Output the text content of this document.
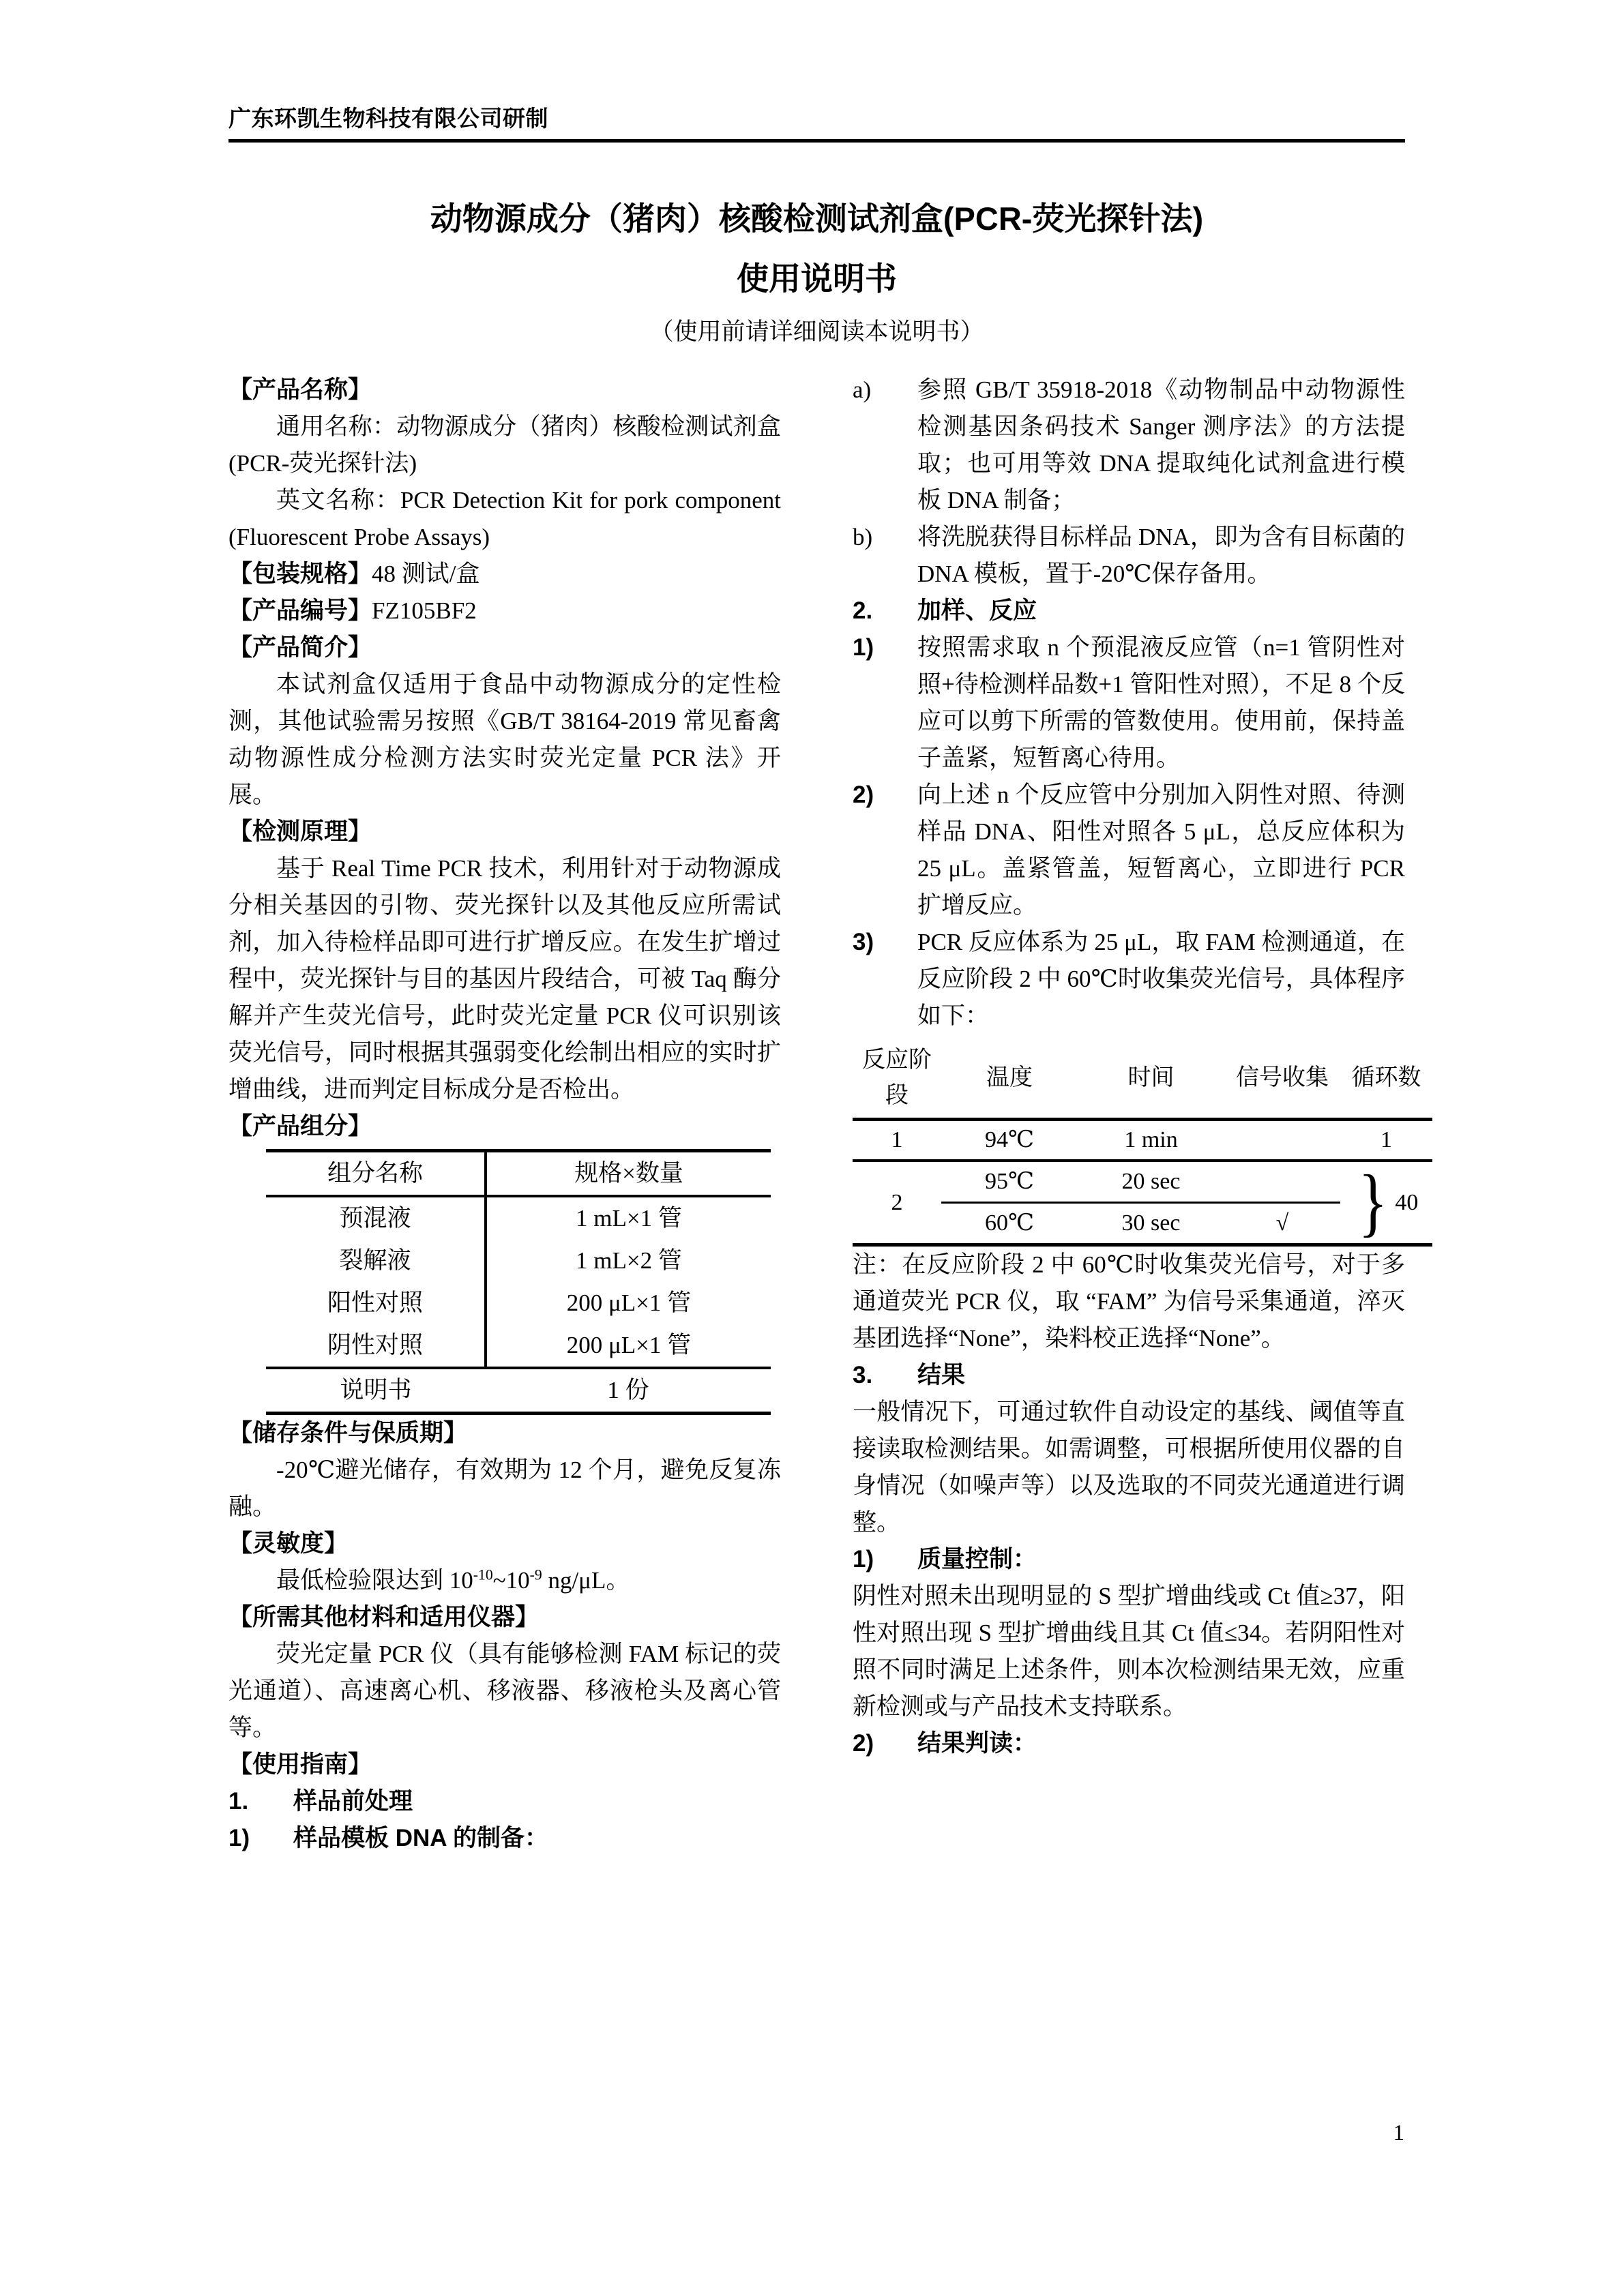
广东环凯生物科技有限公司研制
动物源成分（猪肉）核酸检测试剂盒(PCR-荧光探针法)
使用说明书
（使用前请详细阅读本说明书）
【产品名称】
通用名称：动物源成分（猪肉）核酸检测试剂盒(PCR-荧光探针法)
英文名称：PCR Detection Kit for pork component (Fluorescent Probe Assays)
【包装规格】48 测试/盒
【产品编号】FZ105BF2
【产品简介】
本试剂盒仅适用于食品中动物源成分的定性检测，其他试验需另按照《GB/T 38164-2019 常见畜禽动物源性成分检测方法实时荧光定量 PCR 法》开展。
【检测原理】
基于 Real Time PCR 技术，利用针对于动物源成分相关基因的引物、荧光探针以及其他反应所需试剂，加入待检样品即可进行扩增反应。在发生扩增过程中，荧光探针与目的基因片段结合，可被 Taq 酶分解并产生荧光信号，此时荧光定量 PCR 仪可识别该荧光信号，同时根据其强弱变化绘制出相应的实时扩增曲线，进而判定目标成分是否检出。
【产品组分】
组分名称	规格×数量
预混液	1 mL×1 管
裂解液	1 mL×2 管
阳性对照	200 μL×1 管
阴性对照	200 μL×1 管
说明书	1 份
【储存条件与保质期】
-20℃避光储存，有效期为 12 个月，避免反复冻融。
【灵敏度】
最低检验限达到 $10^{-10}\sim 10^{-9}$ ng/μL。
【所需其他材料和适用仪器】
荧光定量 PCR 仪（具有能够检测 FAM 标记的荧光通道）、高速离心机、移液器、移液枪头及离心管等。
【使用指南】
1.	样品前处理
1)	样品模板 DNA 的制备：
a)	参照 GB/T 35918-2018《动物制品中动物源性检测基因条码技术 Sanger 测序法》的方法提取；也可用等效 DNA 提取纯化试剂盒进行模板 DNA 制备；
b)	将洗脱获得目标样品 DNA，即为含有目标菌的 DNA 模板，置于-20℃保存备用。
2.	加样、反应
1)	按照需求取 n 个预混液反应管（n=1 管阴性对照+待检测样品数+1 管阳性对照），不足 8 个反应可以剪下所需的管数使用。使用前，保持盖子盖紧，短暂离心待用。
2)	向上述 n 个反应管中分别加入阴性对照、待测样品 DNA、阳性对照各 5 μL，总反应体积为 25 μL。盖紧管盖，短暂离心，立即进行 PCR 扩增反应。
3)	PCR 反应体系为 25 μL，取 FAM 检测通道，在反应阶段 2 中 60℃时收集荧光信号，具体程序如下：
反应阶段	温度	时间	信号收集	循环数
1	94℃	1 min		1
2	
95℃	20 sec
60℃	30 sec	√	} 40
注：在反应阶段 2 中 60℃时收集荧光信号，对于多通道荧光 PCR 仪，取 “FAM” 为信号采集通道，淬灭基团选择“None”，染料校正选择“None”。
3.	结果
一般情况下，可通过软件自动设定的基线、阈值等直接读取检测结果。如需调整，可根据所使用仪器的自身情况（如噪声等）以及选取的不同荧光通道进行调整。
1)	质量控制：
阴性对照未出现明显的 S 型扩增曲线或 Ct 值≥37，阳性对照出现 S 型扩增曲线且其 Ct 值≤34。若阴阳性对照不同时满足上述条件，则本次检测结果无效，应重新检测或与产品技术支持联系。
2)	结果判读：
1
